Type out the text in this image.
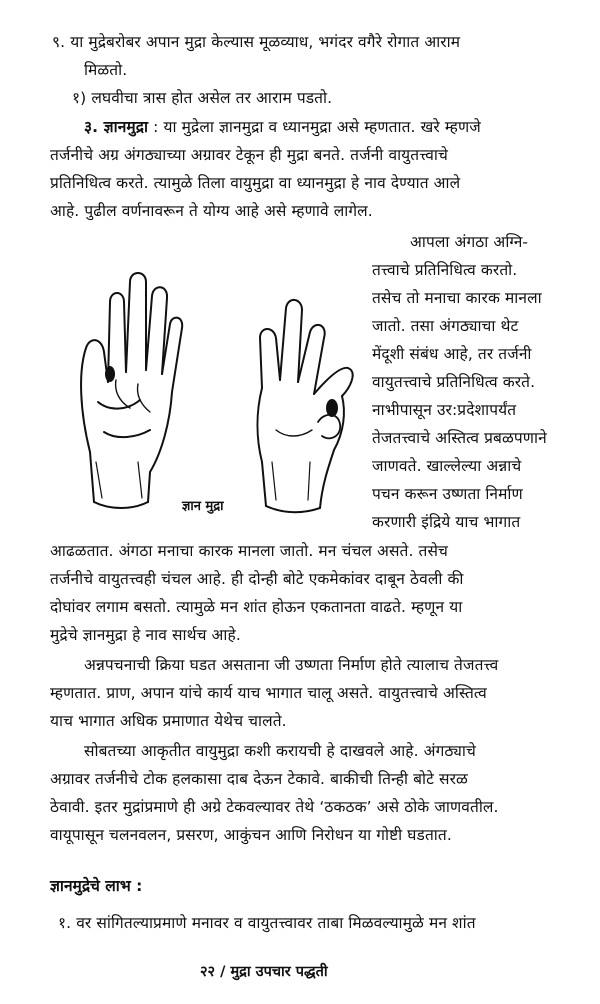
९. या मुद्रेबरोबर अपान मुद्रा केल्यास मूळव्याध, भगंदर वगैरे रोगात आराम
मिळतो.
१) लघवीचा त्रास होत असेल तर आराम पडतो.
३. ज्ञानमुद्रा : या मुद्रेला ज्ञानमुद्रा व ध्यानमुद्रा असे म्हणतात. खरे म्हणजे
तर्जनीचे अग्र अंगठ्याच्या अग्रावर टेकून ही मुद्रा बनते. तर्जनी वायुतत्त्वाचे
प्रतिनिधित्व करते. त्यामुळे तिला वायुमुद्रा वा ध्यानमुद्रा हे नाव देण्यात आले
आहे. पुढील वर्णनावरून ते योग्य आहे असे म्हणावे लागेल.
आपला अंगठा अग्नि-
तत्त्वाचे प्रतिनिधित्व करतो.
तसेच तो मनाचा कारक मानला
जातो. तसा अंगठ्याचा थेट
मेंदूशी संबंध आहे, तर तर्जनी
वायुतत्त्वाचे प्रतिनिधित्व करते.
नाभीपासून उर:प्रदेशापर्यंत
तेजतत्त्वाचे अस्तित्व प्रबळपणाने
जाणवते. खाल्लेल्या अन्नाचे
पचन करून उष्णता निर्माण
करणारी इंद्रिये याच भागात
ज्ञान मुद्रा
आढळतात. अंगठा मनाचा कारक मानला जातो. मन चंचल असते. तसेच
तर्जनीचे वायुतत्त्वही चंचल आहे. ही दोन्ही बोटे एकमेकांवर दाबून ठेवली की
दोघांवर लगाम बसतो. त्यामुळे मन शांत होऊन एकतानता वाढते. म्हणून या
मुद्रेचे ज्ञानमुद्रा हे नाव सार्थच आहे.
अन्नपचनाची क्रिया घडत असताना जी उष्णता निर्माण होते त्यालाच तेजतत्त्व
म्हणतात. प्राण, अपान यांचे कार्य याच भागात चालू असते. वायुतत्त्वाचे अस्तित्व
याच भागात अधिक प्रमाणात येथेच चालते.
सोबतच्या आकृतीत वायुमुद्रा कशी करायची हे दाखवले आहे. अंगठ्याचे
अग्रावर तर्जनीचे टोक हलकासा दाब देऊन टेकावे. बाकीची तिन्ही बोटे सरळ
ठेवावी. इतर मुद्रांप्रमाणे ही अग्रे टेकवल्यावर तेथे ‘ठकठक’ असे ठोके जाणवतील.
वायूपासून चलनवलन, प्रसरण, आकुंचन आणि निरोधन या गोष्टी घडतात.
ज्ञानमुद्रेचे लाभ :
१. वर सांगितल्याप्रमाणे मनावर व वायुतत्त्वावर ताबा मिळवल्यामुळे मन शांत
२२ / मुद्रा उपचार पद्धती
